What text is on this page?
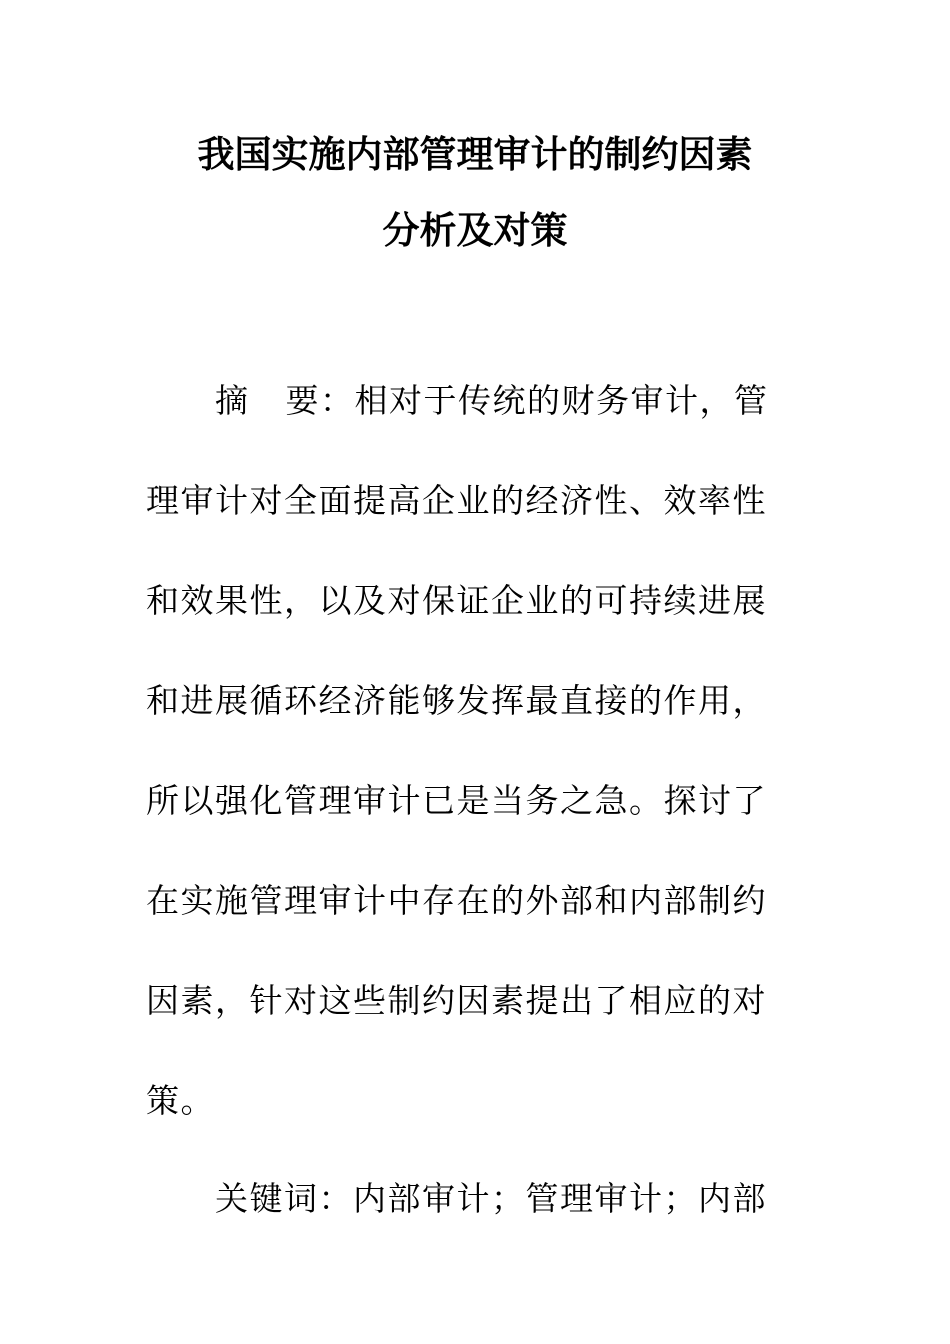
我国实施内部管理审计的制约因素
分析及对策
摘 要：相对于传统的财务审计，管
理审计对全面提高企业的经济性、效率性
和效果性，以及对保证企业的可持续进展
和进展循环经济能够发挥最直接的作用，
所以强化管理审计已是当务之急。探讨了
在实施管理审计中存在的外部和内部制约
因素，针对这些制约因素提出了相应的对
策。
关键词：内部审计；管理审计；内部
